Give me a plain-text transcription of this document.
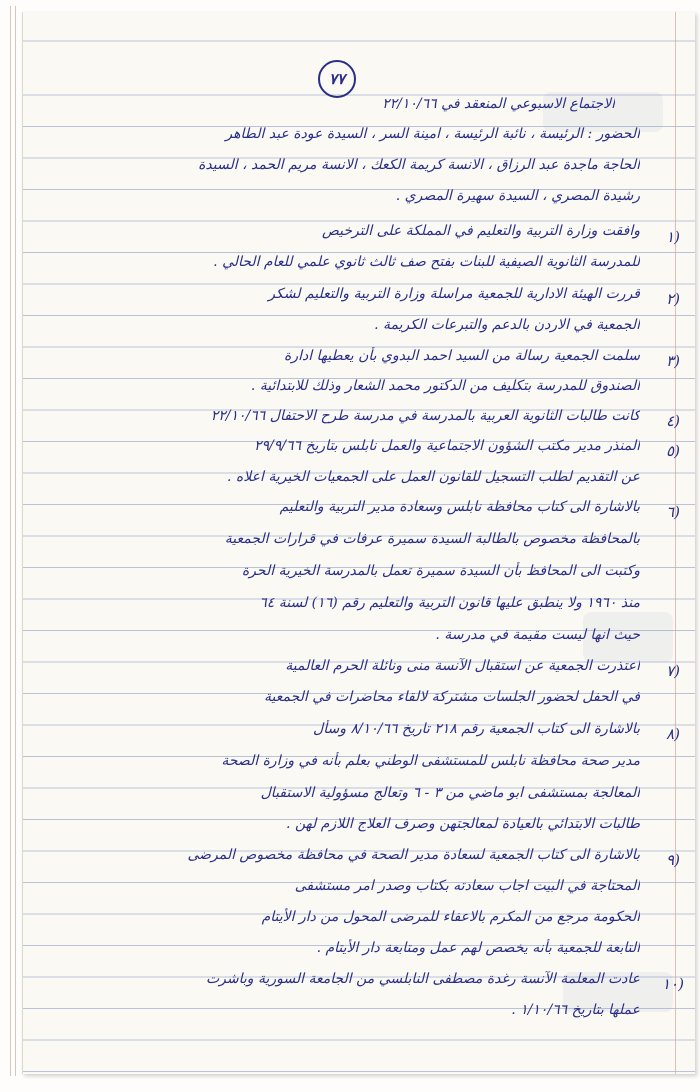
٧٧
الاجتماع الاسبوعي المنعقد في ٢٢/١٠/٦٦
الحضور : الرئيسة ، نائبة الرئيسة ، امينة السر ، السيدة عودة عبد الطاهر
الحاجة ماجدة عبد الرزاق ، الانسة كريمة الكعك ، الانسة مريم الحمد ، السيدة
رشيدة المصري ، السيدة سهيرة المصري .
وافقت وزارة التربية والتعليم في المملكة على الترخيص
للمدرسة الثانوية الصيفية للبنات بفتح صف ثالث ثانوي علمي للعام الحالي .
قررت الهيئة الادارية للجمعية مراسلة وزارة التربية والتعليم لشكر
الجمعية في الاردن بالدعم والتبرعات الكريمة .
سلمت الجمعية رسالة من السيد احمد البدوي بأن يعطيها ادارة
الصندوق للمدرسة بتكليف من الدكتور محمد الشعار وذلك للابتدائية .
كانت طالبات الثانوية العربية بالمدرسة في مدرسة طرح الاحتفال ٢٢/١٠/٦٦
المنذر مدير مكتب الشؤون الاجتماعية والعمل نابلس بتاريخ ٢٩/٩/٦٦
عن التقديم لطلب التسجيل للقانون العمل على الجمعيات الخيرية اعلاه .
بالاشارة الى كتاب محافظة نابلس وسعادة مدير التربية والتعليم
بالمحافظة مخصوص بالطالبة السيدة سميرة عرفات في قرارات الجمعية
وكتبت الى المحافظ بأن السيدة سميرة تعمل بالمدرسة الخيرية الحرة
منذ ١٩٦٠ ولا ينطبق عليها قانون التربية والتعليم رقم (١٦) لسنة ٦٤
حيث انها ليست مقيمة في مدرسة .
اعتذرت الجمعية عن استقبال الآنسة منى ونائلة الحرم العالمية
في الحفل لحضور الجلسات مشتركة لالقاء محاضرات في الجمعية
بالاشارة الى كتاب الجمعية رقم ٢١٨ تاريخ ٨/١٠/٦٦ وسأل
مدير صحة محافظة نابلس للمستشفى الوطني بعلم بأنه في وزارة الصحة
المعالجة بمستشفى ابو ماضي من ٣ - ٦ وتعالج مسؤولية الاستقبال
طالبات الابتدائي بالعيادة لمعالجتهن وصرف العلاج اللازم لهن .
بالاشارة الى كتاب الجمعية لسعادة مدير الصحة في محافظة مخصوص المرضى
المحتاجة في البيت اجاب سعادته بكتاب وصدر امر مستشفى
الحكومة مرجع من المكرم بالاعفاء للمرضى المحول من دار الأيتام
التابعة للجمعية بأنه يخصص لهم عمل ومتابعة دار الأيتام .
عادت المعلمة الآنسة رغدة مصطفى النابلسي من الجامعة السورية وباشرت
عملها بتاريخ ١/١٠/٦٦ .
١)
٢)
٣)
٤)
٥)
٦)
٧)
٨)
٩)
١٠)
